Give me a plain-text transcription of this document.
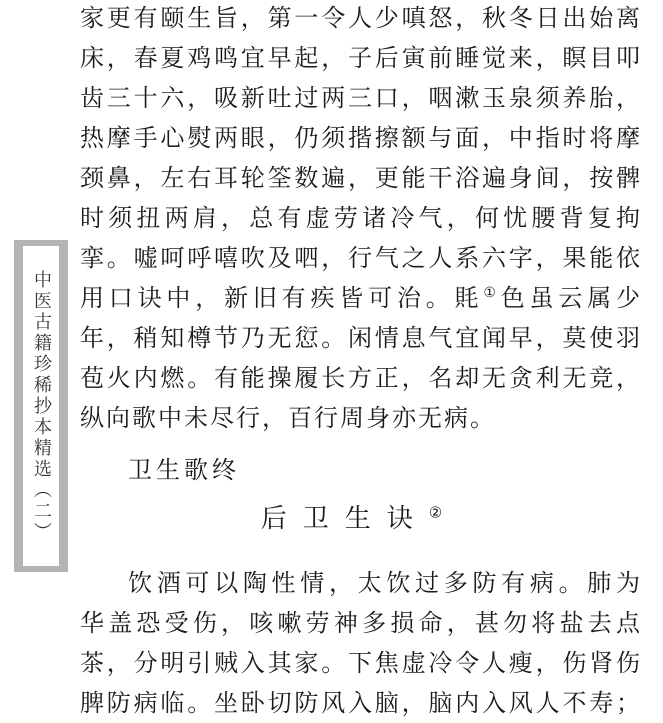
中医古籍珍稀抄本精选（二）
家更有颐生旨，第一令人少嗔怒，秋冬日出始离
床，春夏鸡鸣宜早起，子后寅前睡觉来，瞑目叩
齿三十六，吸新吐过两三口，咽漱玉泉须养胎，
热摩手心熨两眼，仍须揩擦额与面，中指时将摩
颈鼻，左右耳轮筌数遍，更能干浴遍身间，按髀
时须扭两肩，总有虚劳诸冷气，何忧腰背复拘
挛。嘘呵呼嘻吹及呬，行气之人系六字，果能依
用口诀中，新旧有疾皆可治。㲘①色虽云属少
年，稍知樽节乃无愆。闲情息气宜闻早，莫使羽
苞火内燃。有能操履长方正，名却无贪利无竞，
纵向歌中未尽行，百行周身亦无病。
卫生歌终
后卫生诀②
饮酒可以陶性情，太饮过多防有病。肺为
华盖恐受伤，咳嗽劳神多损命，甚勿将盐去点
茶，分明引贼入其家。下焦虚冷令人瘦，伤肾伤
脾防病临。坐卧切防风入脑，脑内入风人不寿；
